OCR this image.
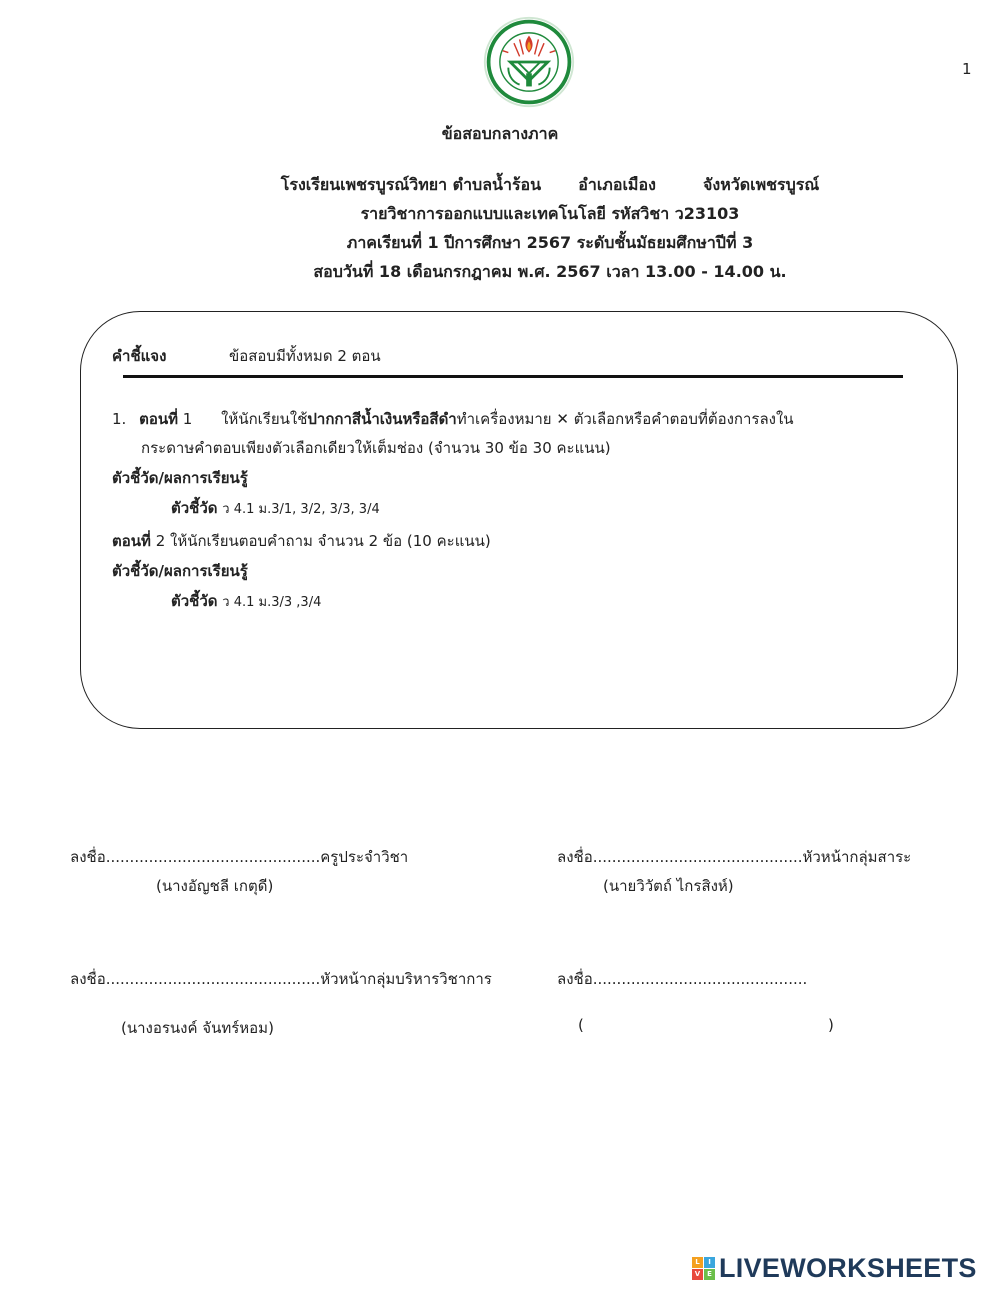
1
ข้อสอบกลางภาค
โรงเรียนเพชรบูรณ์วิทยา ตำบลน้ำร้อน อำเภอเมือง	จังหวัดเพชรบูรณ์
รายวิชาการออกแบบและเทคโนโลยี รหัสวิชา ว23103
ภาคเรียนที่ 1 ปีการศึกษา 2567 ระดับชั้นมัธยมศึกษาปีที่ 3
สอบวันที่ 18 เดือนกรกฎาคม พ.ศ. 2567 เวลา 13.00 - 14.00 น.
คำชี้แจง	ข้อสอบมีทั้งหมด 2 ตอน
1. ตอนที่ 1 ให้นักเรียนใช้ปากกาสีน้ำเงินหรือสีดำทำเครื่องหมาย ✕ ตัวเลือกหรือคำตอบที่ต้องการลงใน
กระดาษคำตอบเพียงตัวเลือกเดียวให้เต็มช่อง (จำนวน 30 ข้อ 30 คะแนน)
ตัวชี้วัด/ผลการเรียนรู้
ตัวชี้วัด ว 4.1 ม.3/1, 3/2, 3/3, 3/4
ตอนที่ 2 ให้นักเรียนตอบคำถาม จำนวน 2 ข้อ (10 คะแนน)
ตัวชี้วัด/ผลการเรียนรู้
ตัวชี้วัด ว 4.1 ม.3/3 ,3/4
ลงชื่อ.............................................ครูประจำวิชา
(นางอัญชลี เกตุดี)
ลงชื่อ............................................หัวหน้ากลุ่มสาระ
(นายวิวัตถ์ ไกรสิงห์)
ลงชื่อ.............................................หัวหน้ากลุ่มบริหารวิชาการ
(นางอรนงค์ จันทร์หอม)
ลงชื่อ.............................................
(	)
L	I
V E LIVEWORKSHEETS
